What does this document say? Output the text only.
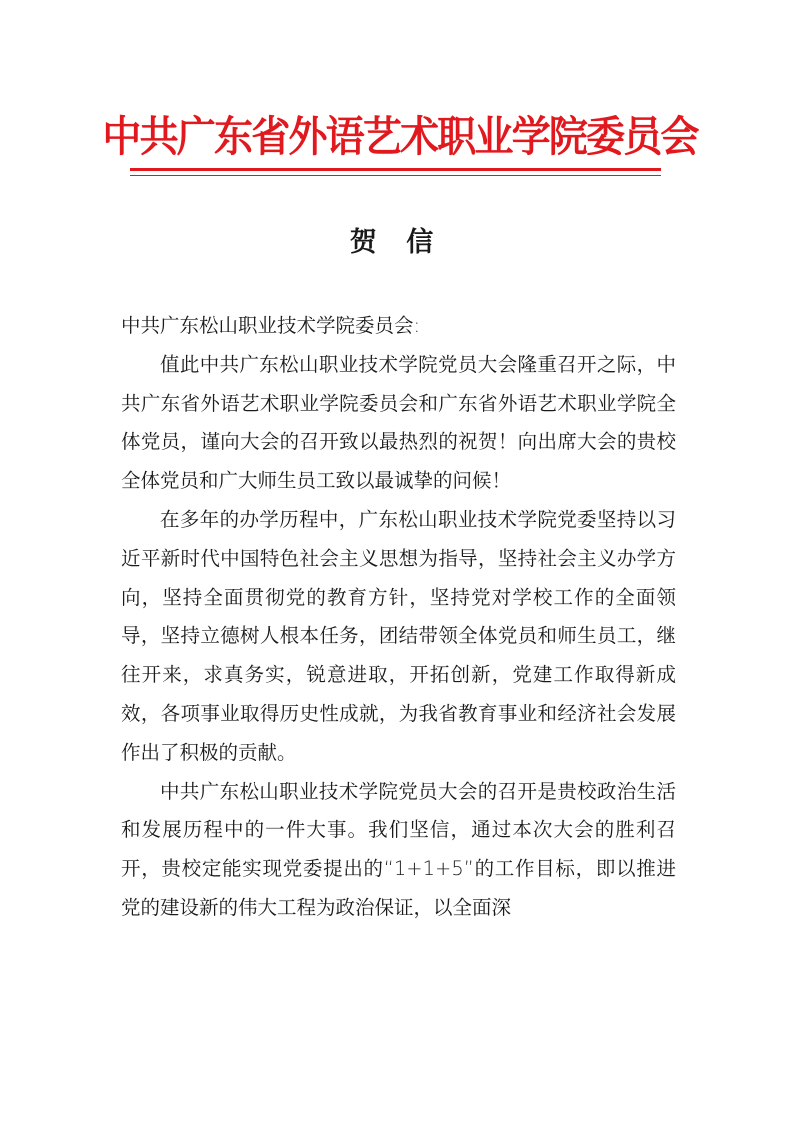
中共广东省外语艺术职业学院委员会
贺 信

中共广东松山职业技术学院委员会:

值此中共广东松山职业技术学院党员大会隆重召开之际，中共广东省外语艺术职业学院委员会和广东省外语艺术职业学院全体党员，谨向大会的召开致以最热烈的祝贺！向出席大会的贵校全体党员和广大师生员工致以最诚挚的问候！

在多年的办学历程中，广东松山职业技术学院党委坚持以习近平新时代中国特色社会主义思想为指导，坚持社会主义办学方向，坚持全面贯彻党的教育方针，坚持党对学校工作的全面领导，坚持立德树人根本任务，团结带领全体党员和师生员工，继往开来，求真务实，锐意进取，开拓创新，党建工作取得新成效，各项事业取得历史性成就，为我省教育事业和经济社会发展作出了积极的贡献。

中共广东松山职业技术学院党员大会的召开是贵校政治生活和发展历程中的一件大事。我们坚信，通过本次大会的胜利召开，贵校定能实现党委提出的“1+1+5”的工作目标，即以推进党的建设新的伟大工程为政治保证，以全面深
